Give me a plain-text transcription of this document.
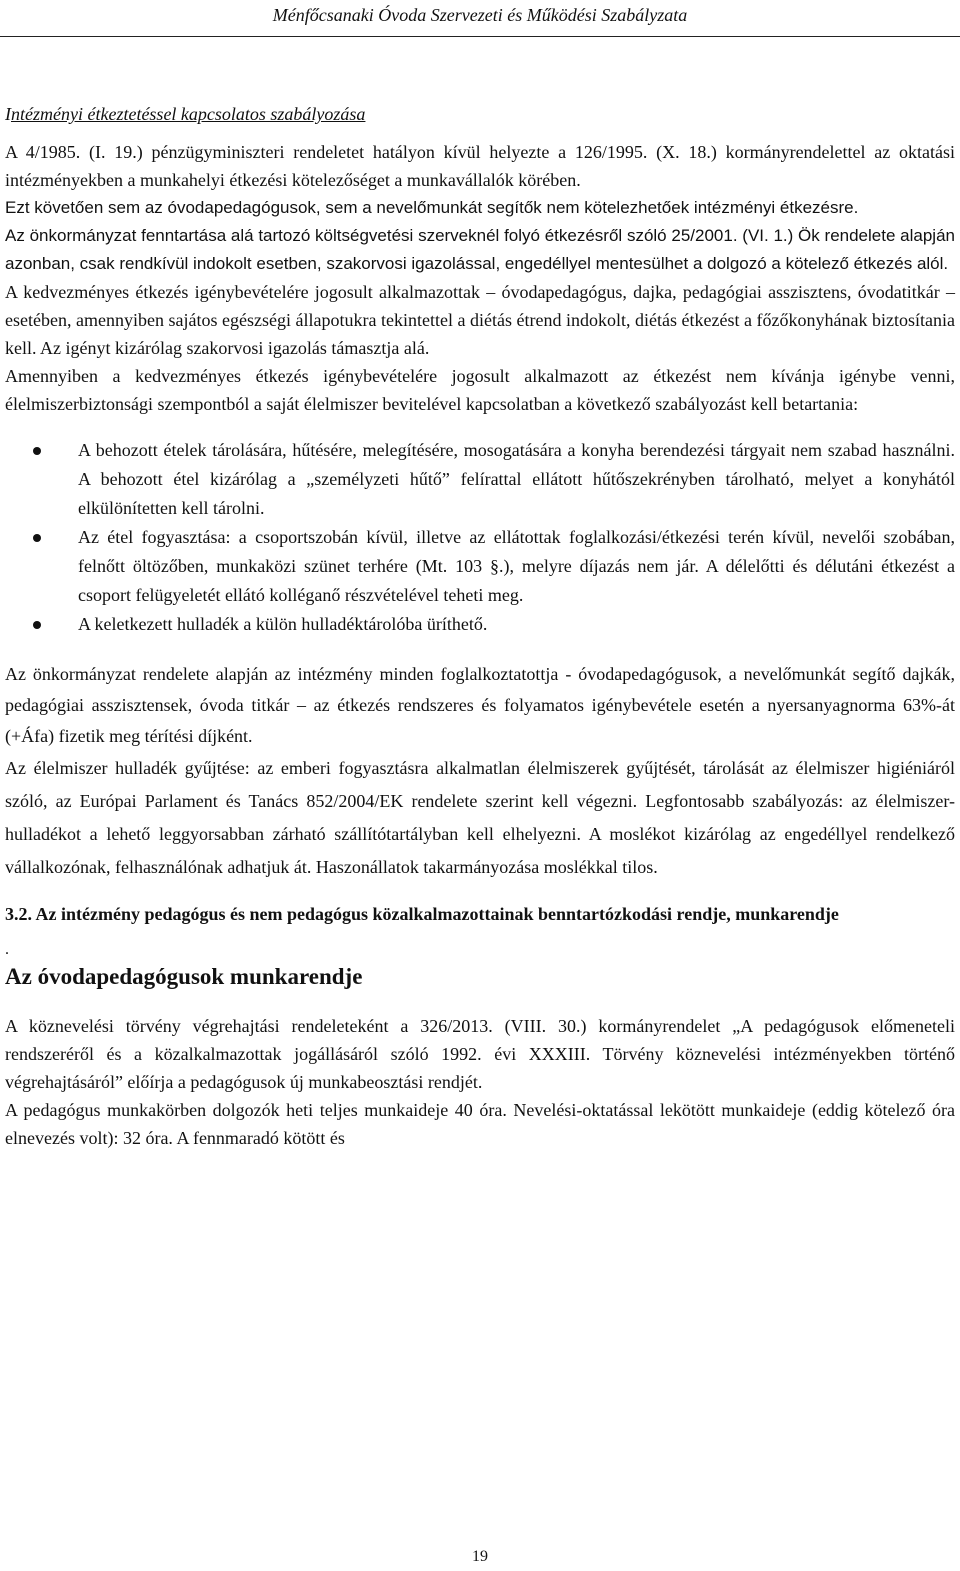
Ménfőcsanaki Óvoda Szervezeti és Működési Szabályzata
Intézményi étkeztetéssel kapcsolatos szabályozása

A 4/1985. (I. 19.) pénzügyminiszteri rendeletet hatályon kívül helyezte a 126/1995. (X. 18.) kormányrendelettel az oktatási intézményekben a munkahelyi étkezési kötelezőséget a munkavállalók körében.

Ezt követően sem az óvodapedagógusok, sem a nevelőmunkát segítők nem kötelezhetőek intézményi étkezésre.

Az önkormányzat fenntartása alá tartozó költségvetési szerveknél folyó étkezésről szóló 25/2001. (VI. 1.) Ök rendelete alapján azonban, csak rendkívül indokolt esetben, szakorvosi igazolással, engedéllyel mentesülhet a dolgozó a kötelező étkezés alól.

A kedvezményes étkezés igénybevételére jogosult alkalmazottak – óvodapedagógus, dajka, pedagógiai asszisztens, óvodatitkár – esetében, amennyiben sajátos egészségi állapotukra tekintettel a diétás étrend indokolt, diétás étkezést a főzőkonyhának biztosítania kell. Az igényt kizárólag szakorvosi igazolás támasztja alá.

Amennyiben a kedvezményes étkezés igénybevételére jogosult alkalmazott az étkezést nem kívánja igénybe venni, élelmiszerbiztonsági szempontból a saját élelmiszer bevitelével kapcsolatban a következő szabályozást kell betartania:

A behozott ételek tárolására, hűtésére, melegítésére, mosogatására a konyha berendezési tárgyait nem szabad használni. A behozott étel kizárólag a „személyzeti hűtő” felírattal ellátott hűtőszekrényben tárolható, melyet a konyhától elkülönítetten kell tárolni.
Az étel fogyasztása: a csoportszobán kívül, illetve az ellátottak foglalkozási/étkezési terén kívül, nevelői szobában, felnőtt öltözőben, munkaközi szünet terhére (Mt. 103 §.), melyre díjazás nem jár. A délelőtti és délutáni étkezést a csoport felügyeletét ellátó kolléganő részvételével teheti meg.
A keletkezett hulladék a külön hulladéktárolóba üríthető.

Az önkormányzat rendelete alapján az intézmény minden foglalkoztatottja - óvodapedagógusok, a nevelőmunkát segítő dajkák, pedagógiai asszisztensek, óvoda titkár – az étkezés rendszeres és folyamatos igénybevétele esetén a nyersanyagnorma 63%-át (+Áfa) fizetik meg térítési díjként.

Az élelmiszer hulladék gyűjtése: az emberi fogyasztásra alkalmatlan élelmiszerek gyűjtését, tárolását az élelmiszer higiéniáról szóló, az Európai Parlament és Tanács 852/2004/EK rendelete szerint kell végezni. Legfontosabb szabályozás: az élelmiszer-hulladékot a lehető leggyorsabban zárható szállítótartályban kell elhelyezni. A moslékot kizárólag az engedéllyel rendelkező vállalkozónak, felhasználónak adhatjuk át. Haszonállatok takarmányozása moslékkal tilos.

3.2. Az intézmény pedagógus és nem pedagógus közalkalmazottainak benntartózkodási rendje, munkarendje
.
Az óvodapedagógusok munkarendje

A köznevelési törvény végrehajtási rendeleteként a 326/2013. (VIII. 30.) kormányrendelet „A pedagógusok előmeneteli rendszeréről és a közalkalmazottak jogállásáról szóló 1992. évi XXXIII. Törvény köznevelési intézményekben történő végrehajtásáról” előírja a pedagógusok új munkabeosztási rendjét.

A pedagógus munkakörben dolgozók heti teljes munkaideje 40 óra. Nevelési-oktatással lekötött munkaideje (eddig kötelező óra elnevezés volt): 32 óra. A fennmaradó kötött és

19
